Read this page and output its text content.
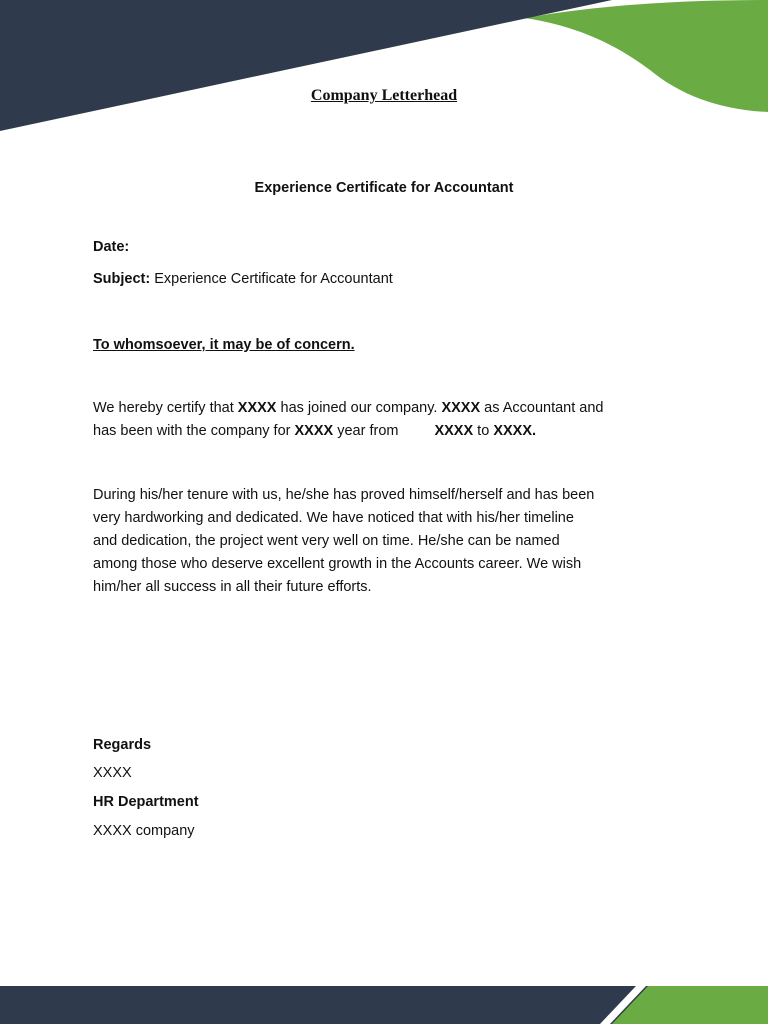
Company Letterhead
Experience Certificate for Accountant
Date:
Subject: Experience Certificate for Accountant
To whomsoever, it may be of concern.
We hereby certify that XXXX has joined our company. XXXX as Accountant and
has been with the company for XXXX year from XXXX to XXXX.
During his/her tenure with us, he/she has proved himself/herself and has been
very hardworking and dedicated. We have noticed that with his/her timeline
and dedication, the project went very well on time. He/she can be named
among those who deserve excellent growth in the Accounts career. We wish
him/her all success in all their future efforts.
Regards
XXXX
HR Department
XXXX company
